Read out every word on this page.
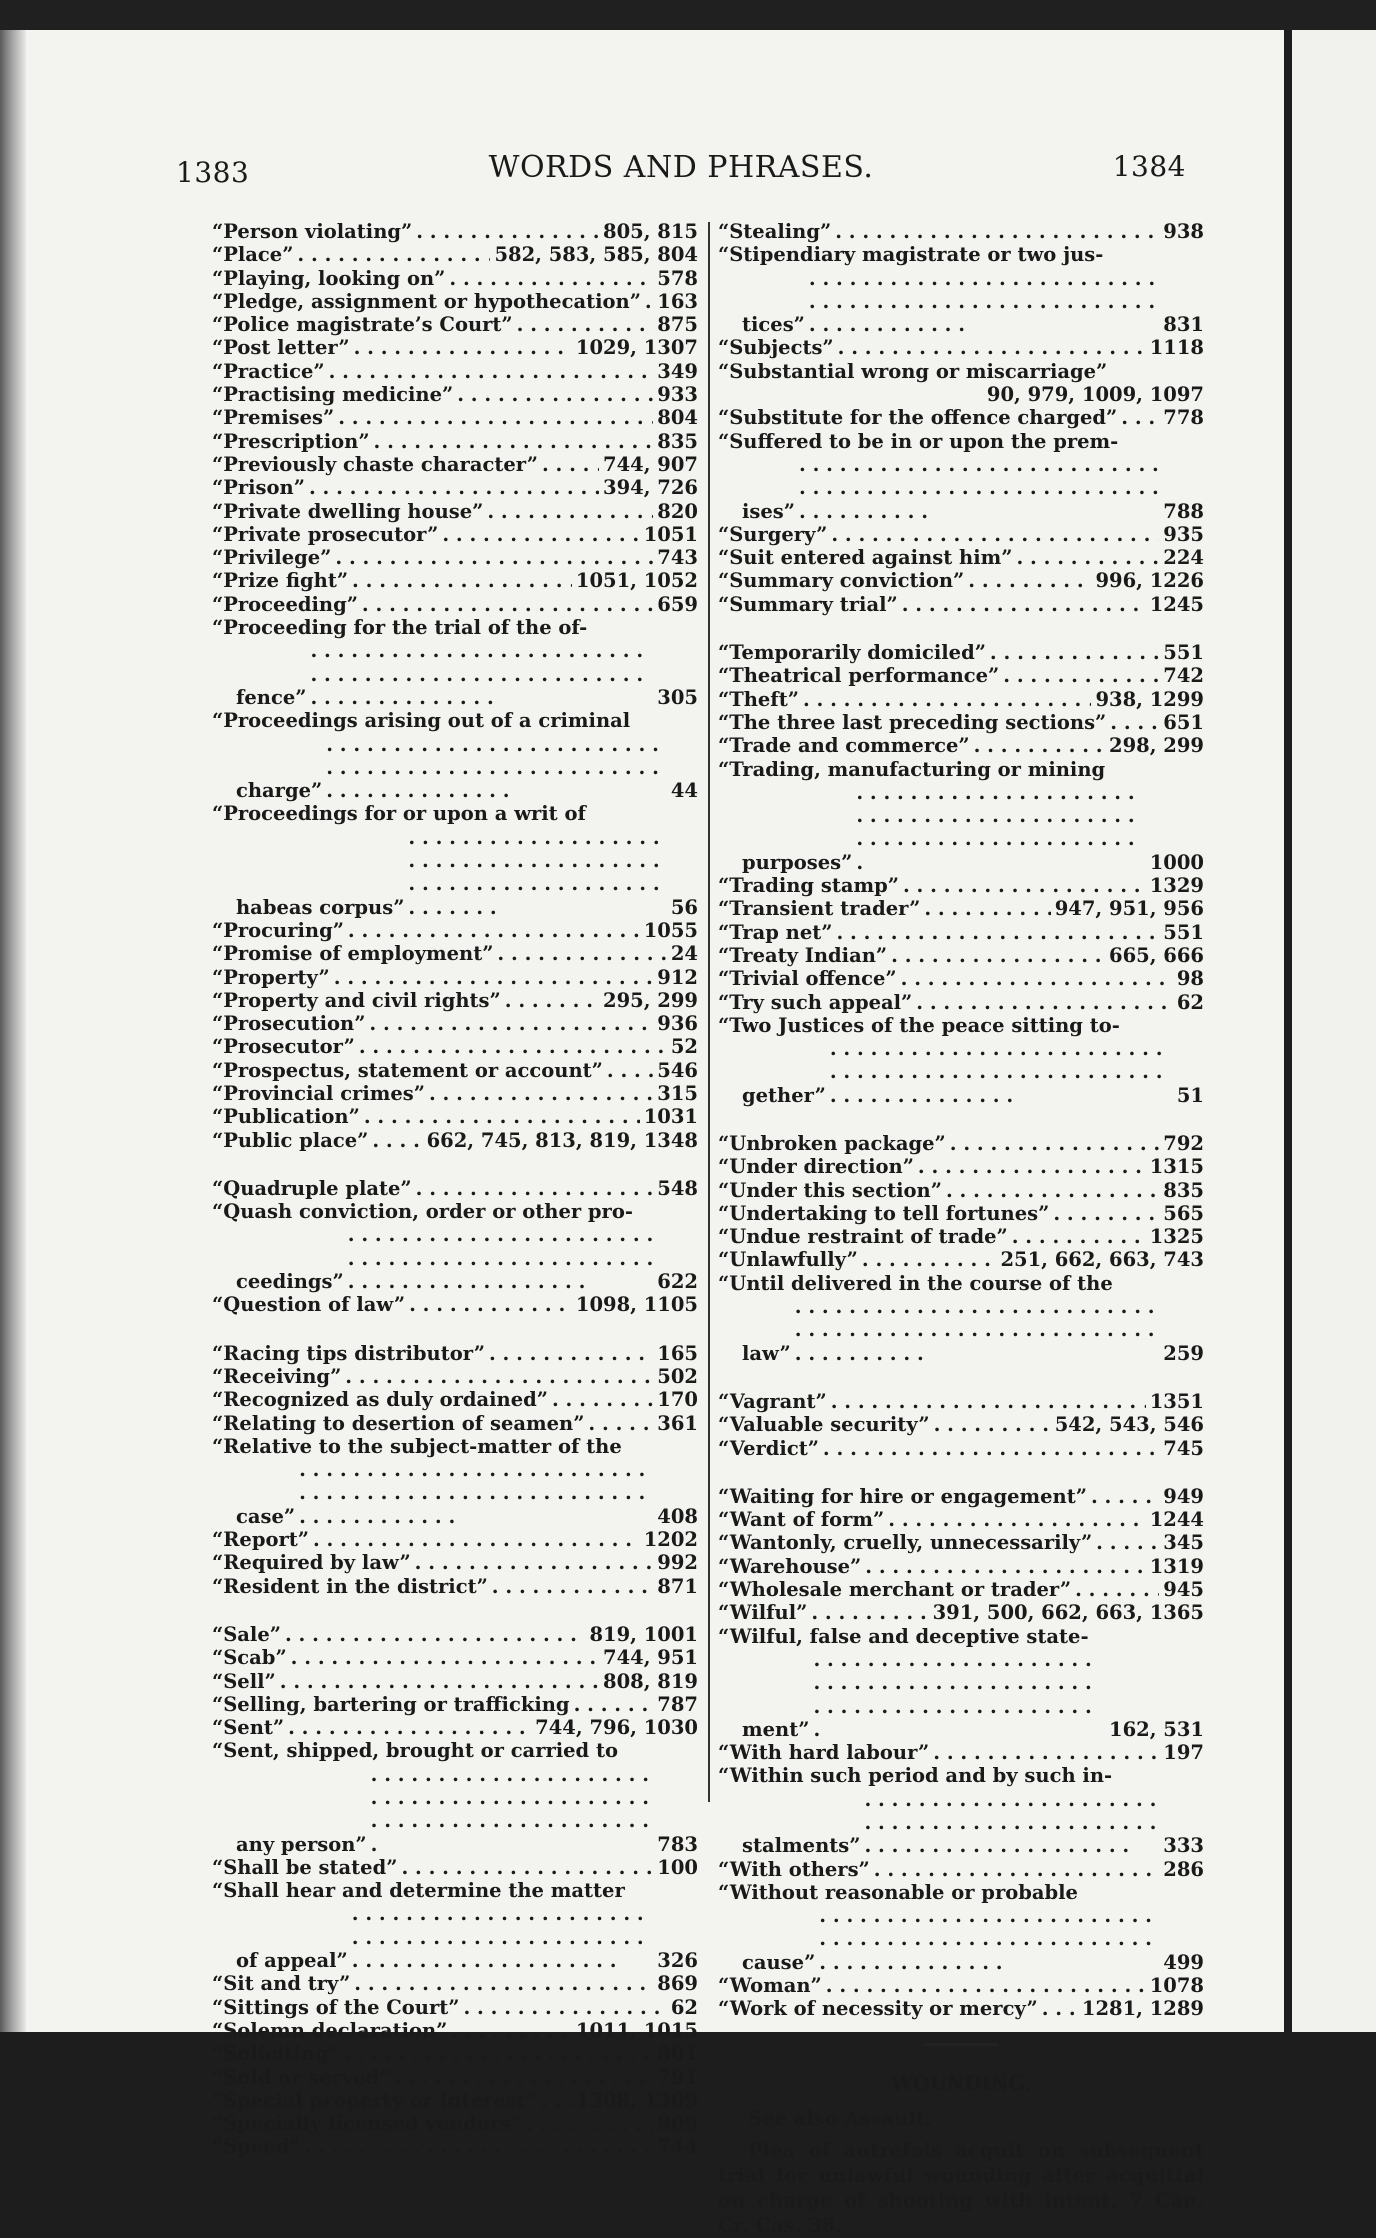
1383	WORDS AND PHRASES.	1384
“Person violating” . . .	805, 815
“Place” . . .	582, 583, 585, 804
“Playing, looking on” . . .	578
“Pledge, assignment or hypothecation” . . . 163
“Police magistrate’s Court” . . .	875
“Post letter” . . .	1029, 1307
“Practice” . . .	349
“Practising medicine” . . .	933
“Premises” . . .	804
“Prescription” . . .	835
“Previously chaste character” . . .	744, 907
“Prison” . . .	394, 726
“Private dwelling house” . . .	820
“Private prosecutor” . . .	1051
“Privilege” . . .	743
“Prize fight” . . .	1051, 1052
“Proceeding” . . .	659
“Proceeding for the trial of the of-
fence” . . .	305
“Proceedings arising out of a criminal
charge” . . .	44
“Proceedings for or upon a writ of
habeas corpus” . . .	56
“Procuring” . . .	1055
“Promise of employment” . . .	24
“Property” . . .	912
“Property and civil rights” . . .	295, 299
“Prosecution” . . .	936
“Prosecutor” . . .	52
“Prospectus, statement or account” . . .	546
“Provincial crimes” . . .	315
“Publication” . . .	1031
“Public place” . . .	662, 745, 813, 819, 1348
“Quadruple plate” . . .	548
“Quash conviction, order or other pro-
ceedings” . . .	622
“Question of law” . . .	1098, 1105
“Racing tips distributor” . . .	165
“Receiving” . . .	502
“Recognized as duly ordained” . . .	170
“Relating to desertion of seamen” . . .	361
“Relative to the subject-matter of the
case” . . .	408
“Report” . . .	1202
“Required by law” . . .	992
“Resident in the district” . . .	871
“Sale” . . .	819, 1001
“Scab” . . .	744, 951
“Sell” . . .	808, 819
“Selling, bartering or trafficking . . .	787
“Sent” . . .	744, 796, 1030
“Sent, shipped, brought or carried to
any person” . . .	783
“Shall be stated” . . .	100
“Shall hear and determine the matter
of appeal” . . .	326
“Sit and try” . . .	869
“Sittings of the Court” . . .	62
“Solemn declaration” . . .	1011, 1015
“Soliciting” . . .	801
“Sold or served” . . .	791
“Special property or interest” . . . 1308, 1309
“Specially licensed vendors” . . .	809
“Speed” . . .	744
“Stealing” . . .	938
“Stipendiary magistrate or two jus-
tices” . . .	831
“Subjects” . . .	1118
“Substantial wrong or miscarriage”
90, 979, 1009, 1097
“Substitute for the offence charged” . . . 778
“Suffered to be in or upon the prem-
ises” . . .	788
“Surgery” . . .	935
“Suit entered against him” . . .	224
“Summary conviction” . . .	996, 1226
“Summary trial” . . .	1245
“Temporarily domiciled” . . .	551
“Theatrical performance” . . .	742
“Theft” . . .	938, 1299
“The three last preceding sections” . . .	651
“Trade and commerce” . . .	298, 299
“Trading, manufacturing or mining
purposes” . . .	1000
“Trading stamp” . . .	1329
“Transient trader” . . .	947, 951, 956
“Trap net” . . .	551
“Treaty Indian” . . .	665, 666
“Trivial offence” . . .	98
“Try such appeal” . . .	62
“Two Justices of the peace sitting to-
gether” . . .	51
“Unbroken package” . . .	792
“Under direction” . . .	1315
“Under this section” . . .	835
“Undertaking to tell fortunes” . . .	565
“Undue restraint of trade” . . .	1325
“Unlawfully” . . .	251, 662, 663, 743
“Until delivered in the course of the
law” . . .	259
“Vagrant” . . .	1351
“Valuable security” . . .	542, 543, 546
“Verdict” . . .	745
“Waiting for hire or engagement” . . .	949
“Want of form” . . .	1244
“Wantonly, cruelly, unnecessarily” . . .	345
“Warehouse” . . .	1319
“Wholesale merchant or trader” . . .	945
“Wilful” . . .	391, 500, 662, 663, 1365
“Wilful, false and deceptive state-
ment” . . .	162, 531
“With hard labour” . . .	197
“Within such period and by such in-
stalments” . . .	333
“With others” . . .	286
“Without reasonable or probable
cause” . . .	499
“Woman” . . .	1078
“Work of necessity or mercy” . . . 1281, 1289
WOUNDING.
See also Assault.
Plea of autrefois acquit on subsequent trial for unlawful wounding after acquittal on charge of shooting with intent. 7 Can. Cr. Cas. 38.
